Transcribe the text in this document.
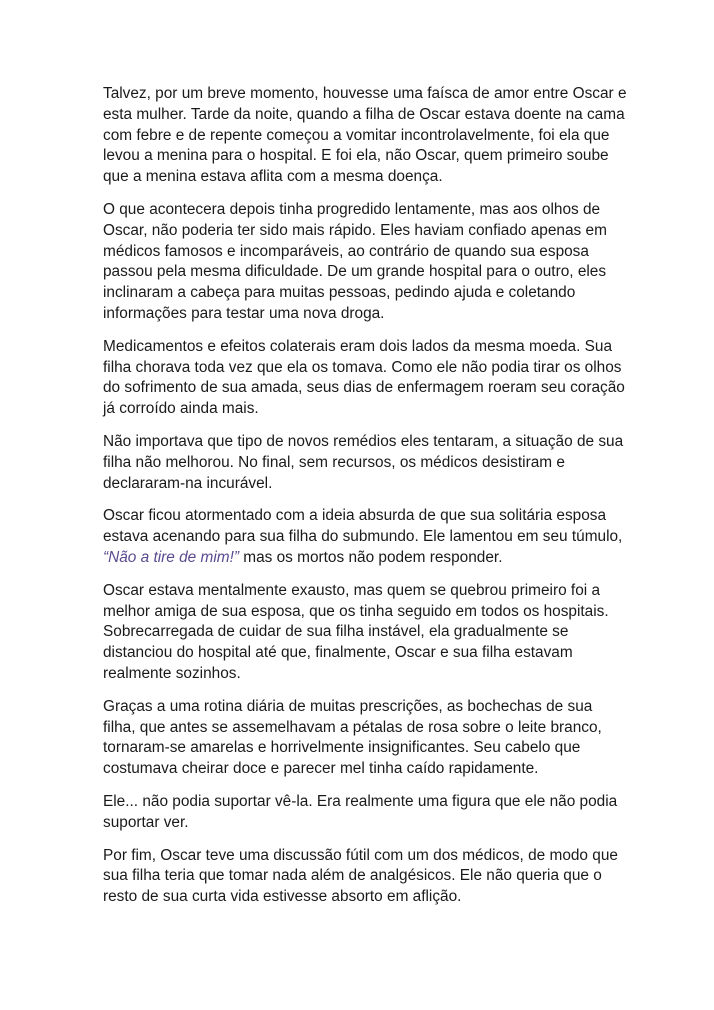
Talvez, por um breve momento, houvesse uma faísca de amor entre Oscar e esta mulher. Tarde da noite, quando a filha de Oscar estava doente na cama com febre e de repente começou a vomitar incontrolavelmente, foi ela que levou a menina para o hospital. E foi ela, não Oscar, quem primeiro soube que a menina estava aflita com a mesma doença.

O que acontecera depois tinha progredido lentamente, mas aos olhos de Oscar, não poderia ter sido mais rápido. Eles haviam confiado apenas em médicos famosos e incomparáveis, ao contrário de quando sua esposa passou pela mesma dificuldade. De um grande hospital para o outro, eles inclinaram a cabeça para muitas pessoas, pedindo ajuda e coletando informações para testar uma nova droga.

Medicamentos e efeitos colaterais eram dois lados da mesma moeda. Sua filha chorava toda vez que ela os tomava. Como ele não podia tirar os olhos do sofrimento de sua amada, seus dias de enfermagem roeram seu coração já corroído ainda mais.

Não importava que tipo de novos remédios eles tentaram, a situação de sua filha não melhorou. No final, sem recursos, os médicos desistiram e declararam-na incurável.

Oscar ficou atormentado com a ideia absurda de que sua solitária esposa estava acenando para sua filha do submundo. Ele lamentou em seu túmulo, “Não a tire de mim!” mas os mortos não podem responder.

Oscar estava mentalmente exausto, mas quem se quebrou primeiro foi a melhor amiga de sua esposa, que os tinha seguido em todos os hospitais. Sobrecarregada de cuidar de sua filha instável, ela gradualmente se distanciou do hospital até que, finalmente, Oscar e sua filha estavam realmente sozinhos.

Graças a uma rotina diária de muitas prescrições, as bochechas de sua filha, que antes se assemelhavam a pétalas de rosa sobre o leite branco, tornaram-se amarelas e horrivelmente insignificantes. Seu cabelo que costumava cheirar doce e parecer mel tinha caído rapidamente.

Ele... não podia suportar vê-la. Era realmente uma figura que ele não podia suportar ver.

Por fim, Oscar teve uma discussão fútil com um dos médicos, de modo que sua filha teria que tomar nada além de analgésicos. Ele não queria que o resto de sua curta vida estivesse absorto em aflição.
